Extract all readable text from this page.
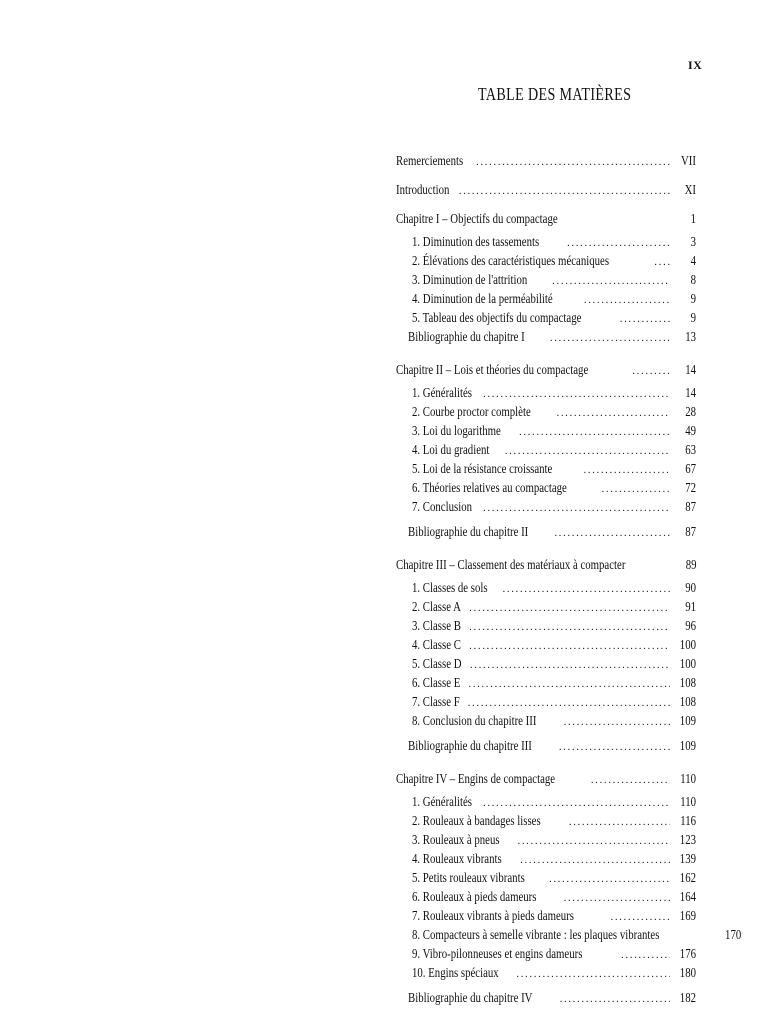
IX
TABLE DES MATIÈRES
Remerciements .....	VII
Introduction .....	XI
Chapitre I – Objectifs du compactage	1
1. Diminution des tassements .....	3
2. Élévations des caractéristiques mécaniques .....	4
3. Diminution de l'attrition .....	8
4. Diminution de la perméabilité .....	9
5. Tableau des objectifs du compactage .....	9
Bibliographie du chapitre I .....	13
Chapitre II – Lois et théories du compactage .....	14
1. Généralités .....	14
2. Courbe proctor complète .....	28
3. Loi du logarithme .....	49
4. Loi du gradient .....	63
5. Loi de la résistance croissante .....	67
6. Théories relatives au compactage .....	72
7. Conclusion .....	87
Bibliographie du chapitre II .....	87
Chapitre III – Classement des matériaux à compacter	89
1. Classes de sols .....	90
2. Classe A .....	91
3. Classe B .....	96
4. Classe C .....	100
5. Classe D .....	100
6. Classe E .....	108
7. Classe F .....	108
8. Conclusion du chapitre III .....	109
Bibliographie du chapitre III .....	109
Chapitre IV – Engins de compactage .....	110
1. Généralités .....	110
2. Rouleaux à bandages lisses .....	116
3. Rouleaux à pneus .....	123
4. Rouleaux vibrants .....	139
5. Petits rouleaux vibrants .....	162
6. Rouleaux à pieds dameurs .....	164
7. Rouleaux vibrants à pieds dameurs .....	169
8. Compacteurs à semelle vibrante : les plaques vibrantes	170
9. Vibro-pilonneuses et engins dameurs .....	176
10. Engins spéciaux .....	180
Bibliographie du chapitre IV .....	182
